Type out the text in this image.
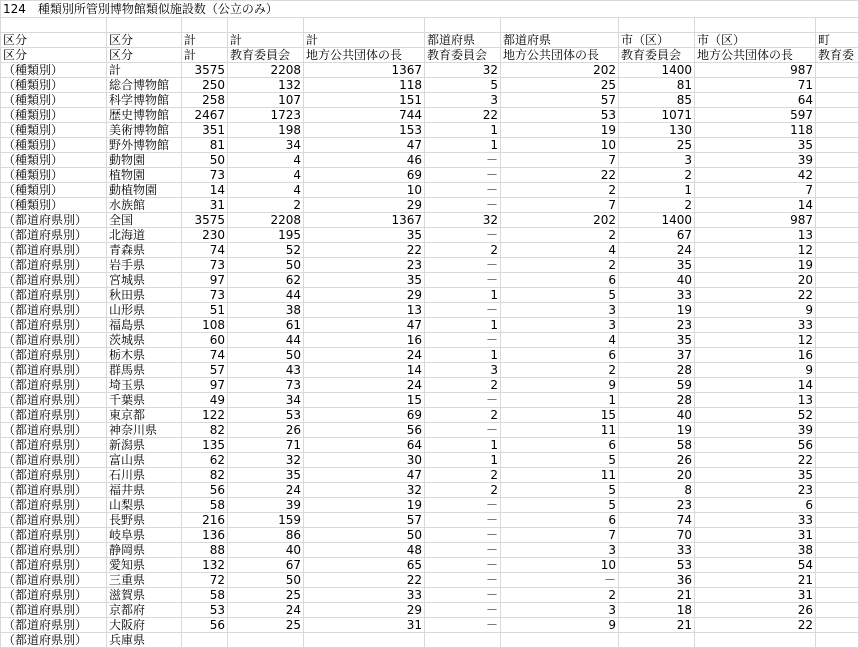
124　種類別所管別博物館類似施設数（公立のみ）									

区分	区分	計	計	計	都道府県	都道府県	市（区）	市（区）	町
区分	区分	計	教育委員会	地方公共団体の長	教育委員会	地方公共団体の長	教育委員会	地方公共団体の長	教育委
（種類別）	計	3575	2208	1367	32	202	1400	987	
（種類別）	総合博物館	250	132	118	5	25	81	71	
（種類別）	科学博物館	258	107	151	3	57	85	64	
（種類別）	歴史博物館	2467	1723	744	22	53	1071	597	
（種類別）	美術博物館	351	198	153	1	19	130	118	
（種類別）	野外博物館	81	34	47	1	10	25	35	
（種類別）	動物園	50	4	46	－	7	3	39	
（種類別）	植物園	73	4	69	－	22	2	42	
（種類別）	動植物園	14	4	10	－	2	1	7	
（種類別）	水族館	31	2	29	－	7	2	14	
（都道府県別）	全国	3575	2208	1367	32	202	1400	987	
（都道府県別）	北海道	230	195	35	－	2	67	13	
（都道府県別）	青森県	74	52	22	2	4	24	12	
（都道府県別）	岩手県	73	50	23	－	2	35	19	
（都道府県別）	宮城県	97	62	35	－	6	40	20	
（都道府県別）	秋田県	73	44	29	1	5	33	22	
（都道府県別）	山形県	51	38	13	－	3	19	9	
（都道府県別）	福島県	108	61	47	1	3	23	33	
（都道府県別）	茨城県	60	44	16	－	4	35	12	
（都道府県別）	栃木県	74	50	24	1	6	37	16	
（都道府県別）	群馬県	57	43	14	3	2	28	9	
（都道府県別）	埼玉県	97	73	24	2	9	59	14	
（都道府県別）	千葉県	49	34	15	－	1	28	13	
（都道府県別）	東京都	122	53	69	2	15	40	52	
（都道府県別）	神奈川県	82	26	56	－	11	19	39	
（都道府県別）	新潟県	135	71	64	1	6	58	56	
（都道府県別）	富山県	62	32	30	1	5	26	22	
（都道府県別）	石川県	82	35	47	2	11	20	35	
（都道府県別）	福井県	56	24	32	2	5	8	23	
（都道府県別）	山梨県	58	39	19	－	5	23	6	
（都道府県別）	長野県	216	159	57	－	6	74	33	
（都道府県別）	岐阜県	136	86	50	－	7	70	31	
（都道府県別）	静岡県	88	40	48	－	3	33	38	
（都道府県別）	愛知県	132	67	65	－	10	53	54	
（都道府県別）	三重県	72	50	22	－	－	36	21	
（都道府県別）	滋賀県	58	25	33	－	2	21	31	
（都道府県別）	京都府	53	24	29	－	3	18	26	
（都道府県別）	大阪府	56	25	31	－	9	21	22	
（都道府県別）	兵庫県								
